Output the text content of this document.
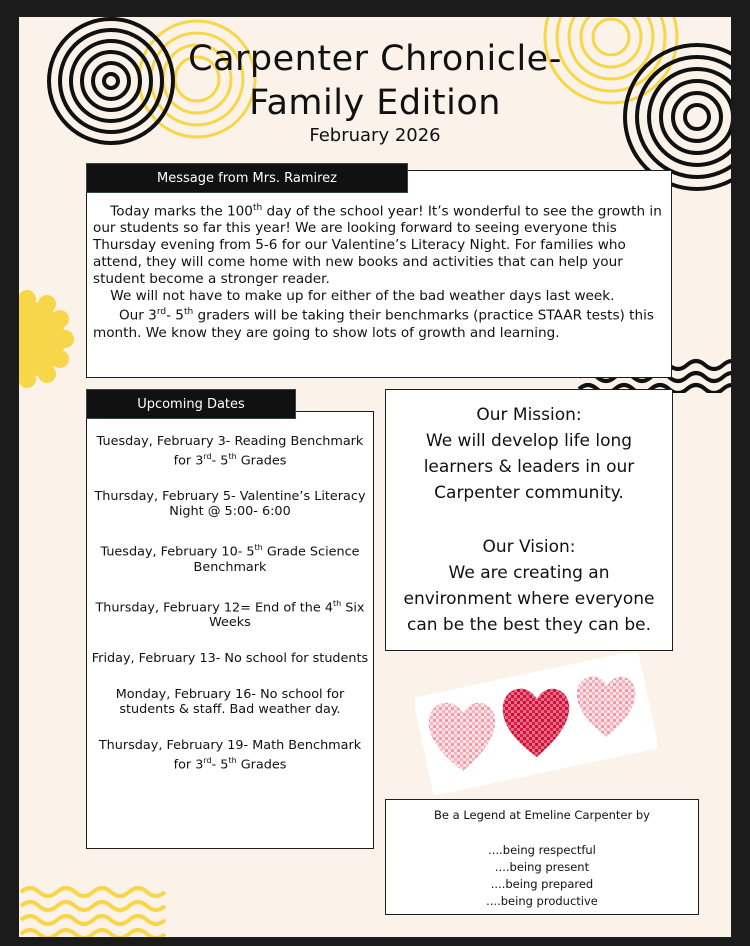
Carpenter Chronicle-
Family Edition
February 2026

Today marks the 100th day of the school year! It’s wonderful to see the growth in our students so far this year! We are looking forward to seeing everyone this Thursday evening from 5-6 for our Valentine’s Literacy Night. For families who attend, they will come home with new books and activities that can help your student become a stronger reader.

We will not have to make up for either of the bad weather days last week.

Our 3rd- 5th graders will be taking their benchmarks (practice STAAR tests) this month. We know they are going to show lots of growth and learning.

Message from Mrs. Ramirez

Tuesday, February 3- Reading Benchmark for 3rd- 5th Grades

Thursday, February 5- Valentine’s Literacy Night @ 5:00- 6:00

Tuesday, February 10- 5th Grade Science Benchmark

Thursday, February 12= End of the 4th Six Weeks

Friday, February 13- No school for students

Monday, February 16- No school for students & staff. Bad weather day.

Thursday, February 19- Math Benchmark for 3rd- 5th Grades

Upcoming Dates
Our Mission:
We will develop life long
learners & leaders in our
Carpenter community.
Our Vision:
We are creating an
environment where everyone
can be the best they can be.
Be a Legend at Emeline Carpenter by
....being respectful
....being present
....being prepared
....being productive
